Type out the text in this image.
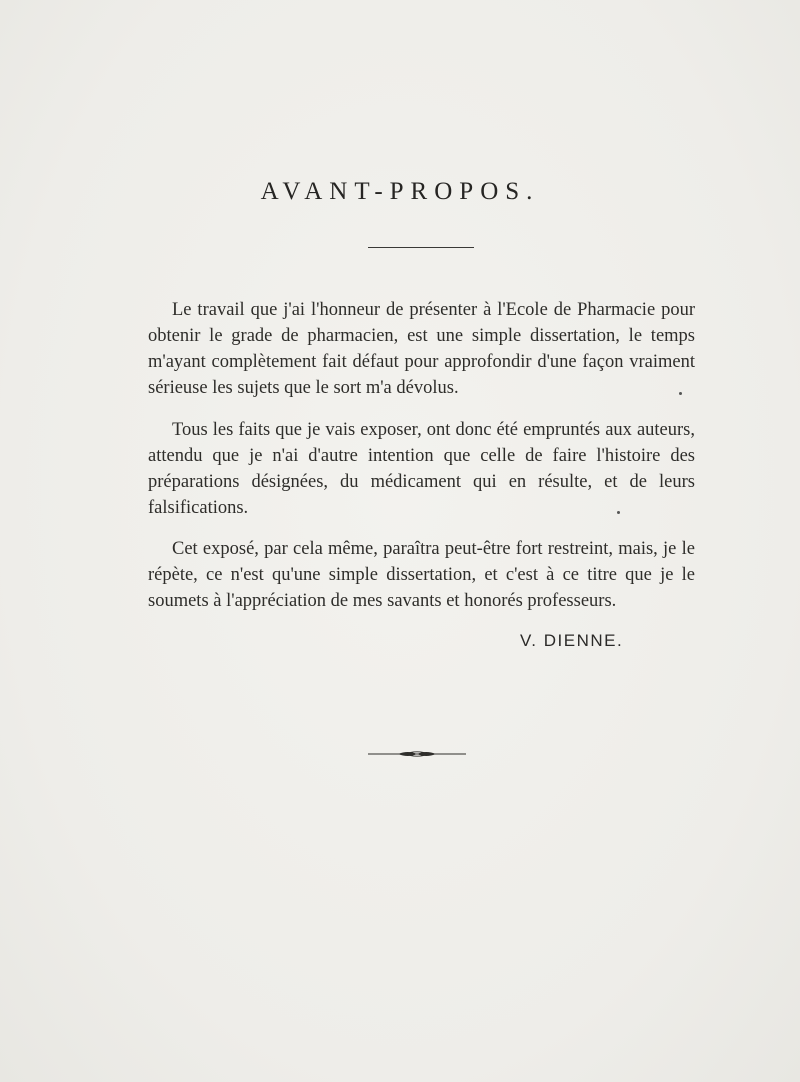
AVANT-PROPOS.

Le travail que j'ai l'honneur de présenter à l'Ecole de Pharmacie pour obtenir le grade de pharmacien, est une simple dissertation, le temps m'ayant complètement fait défaut pour approfondir d'une façon vraiment sérieuse les sujets que le sort m'a dévolus.

Tous les faits que je vais exposer, ont donc été empruntés aux auteurs, attendu que je n'ai d'autre intention que celle de faire l'histoire des préparations désignées, du médicament qui en résulte, et de leurs falsifications.

Cet exposé, par cela même, paraîtra peut-être fort restreint, mais, je le répète, ce n'est qu'une simple dissertation, et c'est à ce titre que je le soumets à l'appréciation de mes savants et honorés professeurs.

V. DIENNE.
